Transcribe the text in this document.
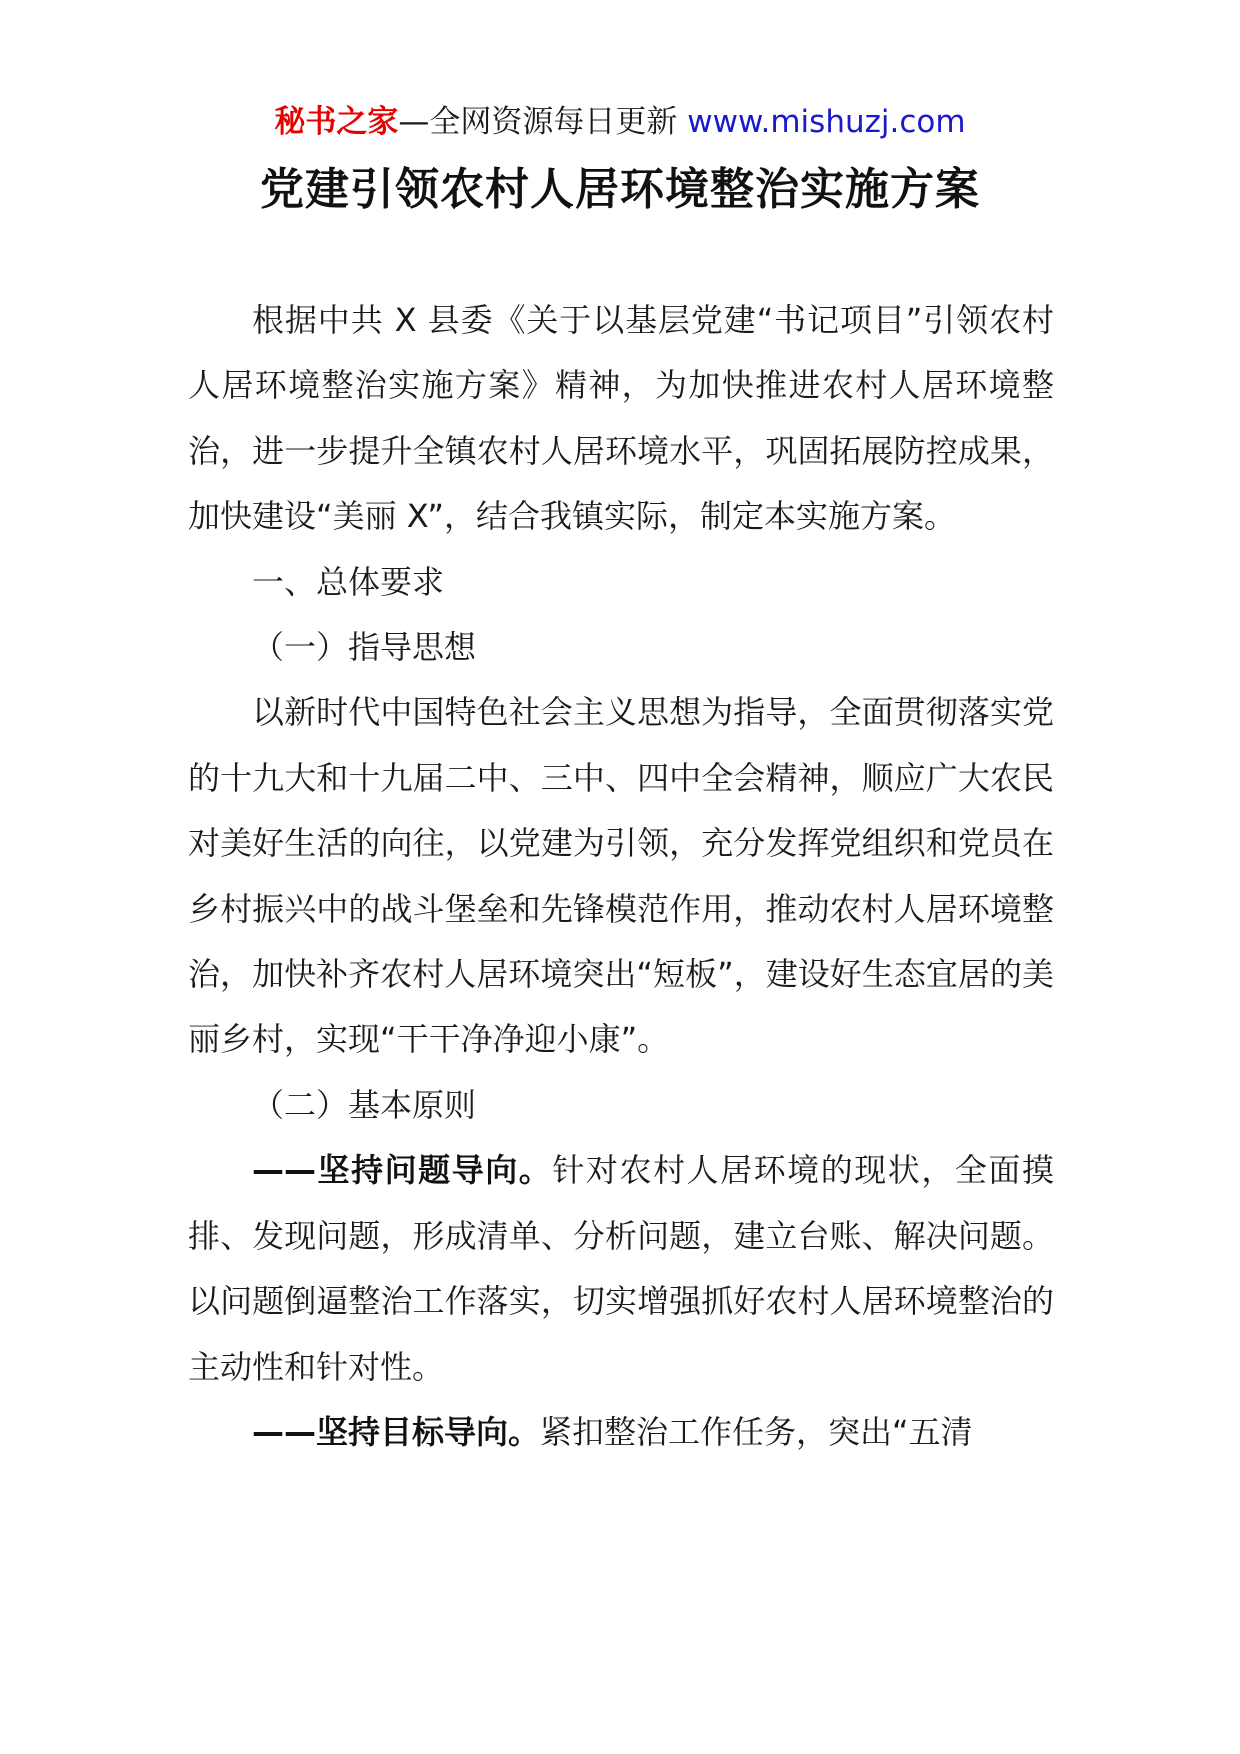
秘书之家—全网资源每日更新 www.mishuzj.com
党建引领农村人居环境整治实施方案

根据中共 X 县委《关于以基层党建“书记项目”引领农村人居环境整治实施方案》精神，为加快推进农村人居环境整治，进一步提升全镇农村人居环境水平，巩固拓展防控成果，加快建设“美丽 X”，结合我镇实际，制定本实施方案。

一、总体要求

（一）指导思想

以新时代中国特色社会主义思想为指导，全面贯彻落实党的十九大和十九届二中、三中、四中全会精神，顺应广大农民对美好生活的向往，以党建为引领，充分发挥党组织和党员在乡村振兴中的战斗堡垒和先锋模范作用，推动农村人居环境整治，加快补齐农村人居环境突出“短板”，建设好生态宜居的美丽乡村，实现“干干净净迎小康”。

（二）基本原则

——坚持问题导向。针对农村人居环境的现状，全面摸排、发现问题，形成清单、分析问题，建立台账、解决问题。以问题倒逼整治工作落实，切实增强抓好农村人居环境整治的主动性和针对性。

——坚持目标导向。紧扣整治工作任务，突出“五清
